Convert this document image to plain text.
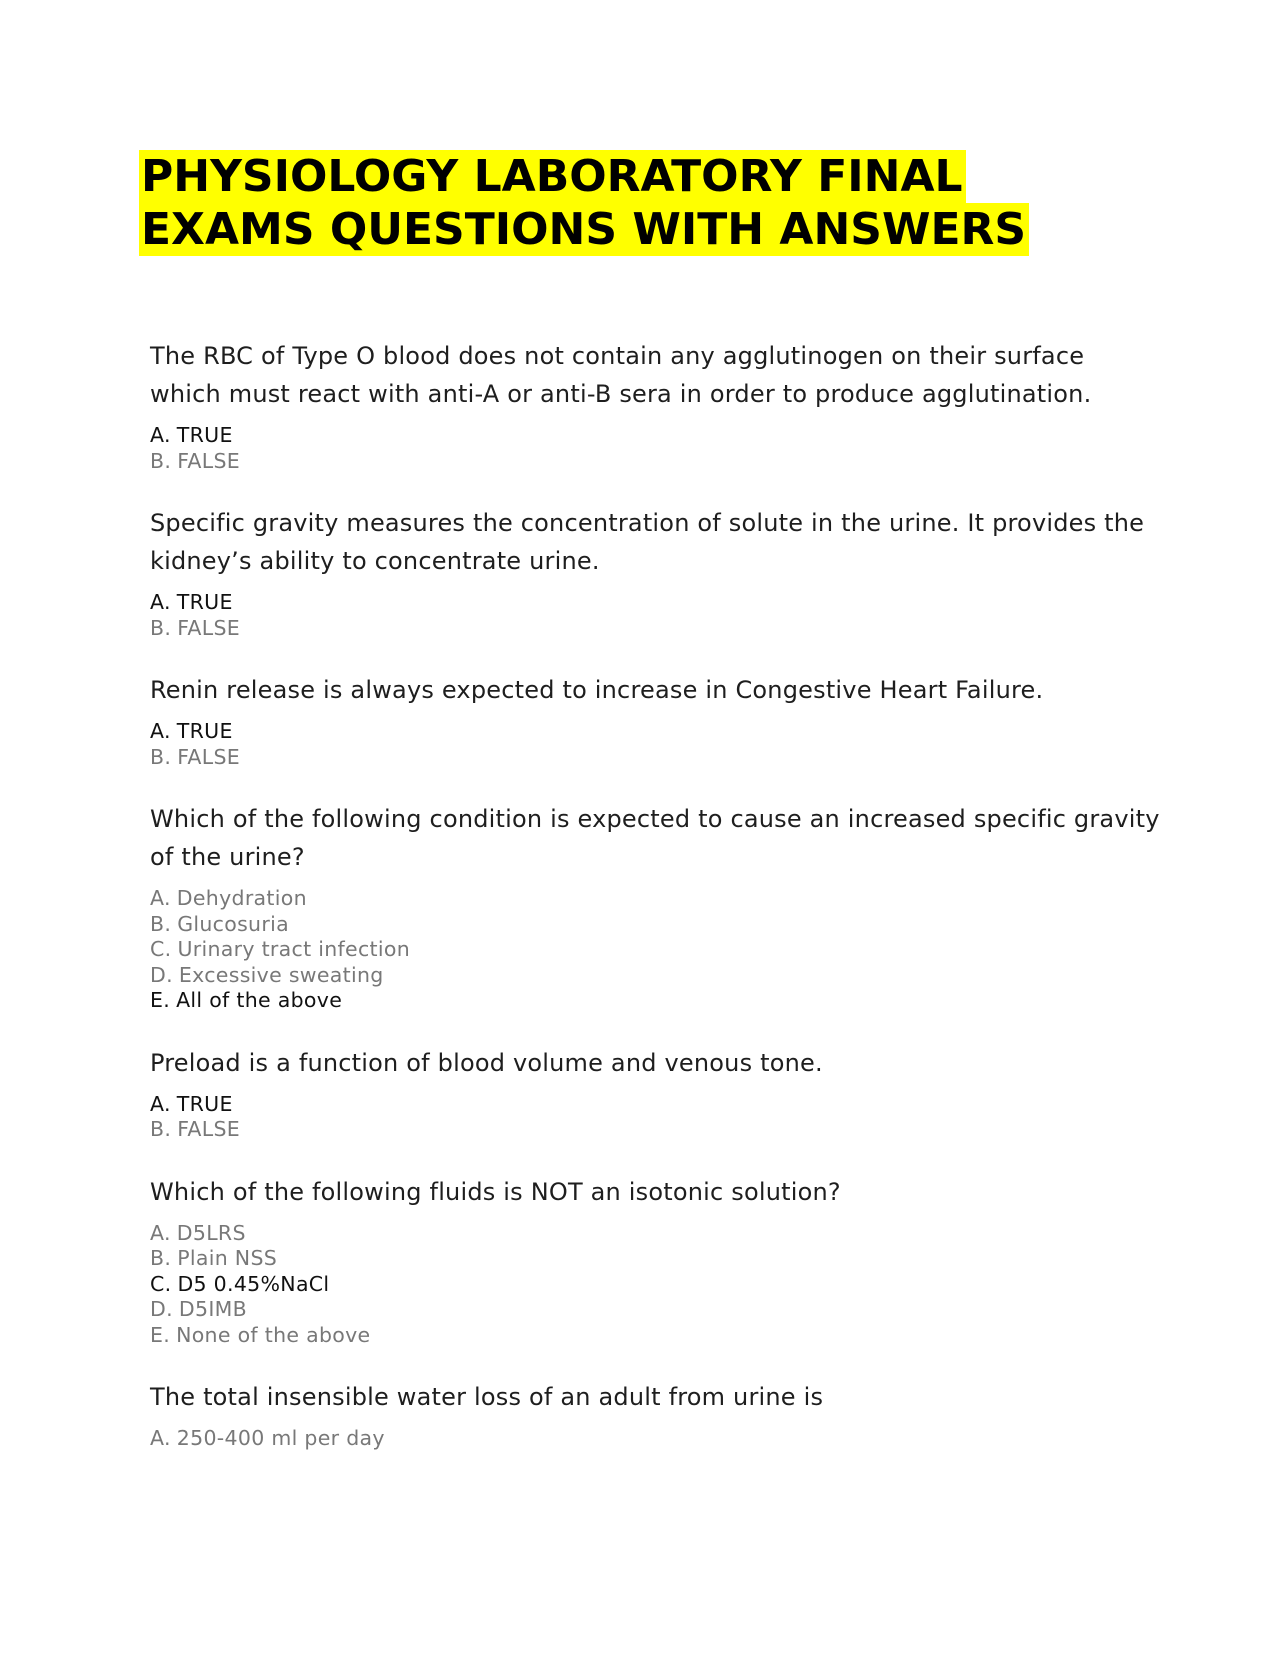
PHYSIOLOGY LABORATORY FINAL
EXAMS QUESTIONS WITH ANSWERS

The RBC of Type O blood does not contain any agglutinogen on their surface which must react with anti-A or anti-B sera in order to produce agglutination.

A. TRUE
B. FALSE

Specific gravity measures the concentration of solute in the urine. It provides the kidney’s ability to concentrate urine.

A. TRUE
B. FALSE

Renin release is always expected to increase in Congestive Heart Failure.

A. TRUE
B. FALSE

Which of the following condition is expected to cause an increased specific gravity of the urine?

A. Dehydration
B. Glucosuria
C. Urinary tract infection
D. Excessive sweating
E. All of the above

Preload is a function of blood volume and venous tone.

A. TRUE
B. FALSE

Which of the following fluids is NOT an isotonic solution?

A. D5LRS
B. Plain NSS
C. D5 0.45%NaCl
D. D5IMB
E. None of the above

The total insensible water loss of an adult from urine is

A. 250-400 ml per day
